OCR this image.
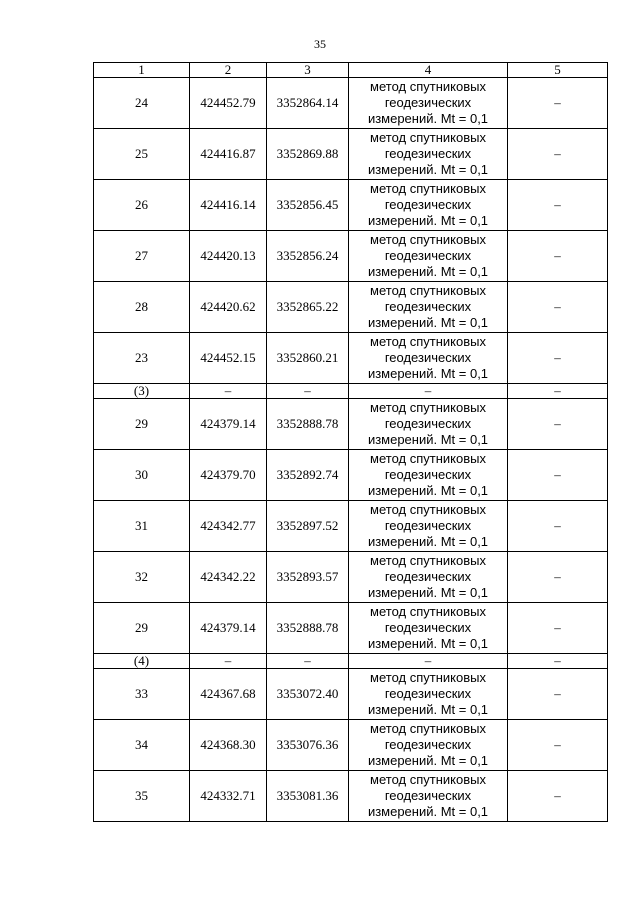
35
1	2	3	4	5
24	424452.79	3352864.14	метод спутниковых
геодезических
измерений. Mt = 0,1	–
25	424416.87	3352869.88	метод спутниковых
геодезических
измерений. Mt = 0,1	–
26	424416.14	3352856.45	метод спутниковых
геодезических
измерений. Mt = 0,1	–
27	424420.13	3352856.24	метод спутниковых
геодезических
измерений. Mt = 0,1	–
28	424420.62	3352865.22	метод спутниковых
геодезических
измерений. Mt = 0,1	–
23	424452.15	3352860.21	метод спутниковых
геодезических
измерений. Mt = 0,1	–
(3)	–	–	–	–
29	424379.14	3352888.78	метод спутниковых
геодезических
измерений. Mt = 0,1	–
30	424379.70	3352892.74	метод спутниковых
геодезических
измерений. Mt = 0,1	–
31	424342.77	3352897.52	метод спутниковых
геодезических
измерений. Mt = 0,1	–
32	424342.22	3352893.57	метод спутниковых
геодезических
измерений. Mt = 0,1	–
29	424379.14	3352888.78	метод спутниковых
геодезических
измерений. Mt = 0,1	–
(4)	–	–	–	–
33	424367.68	3353072.40	метод спутниковых
геодезических
измерений. Mt = 0,1	–
34	424368.30	3353076.36	метод спутниковых
геодезических
измерений. Mt = 0,1	–
35	424332.71	3353081.36	метод спутниковых
геодезических
измерений. Mt = 0,1	–
